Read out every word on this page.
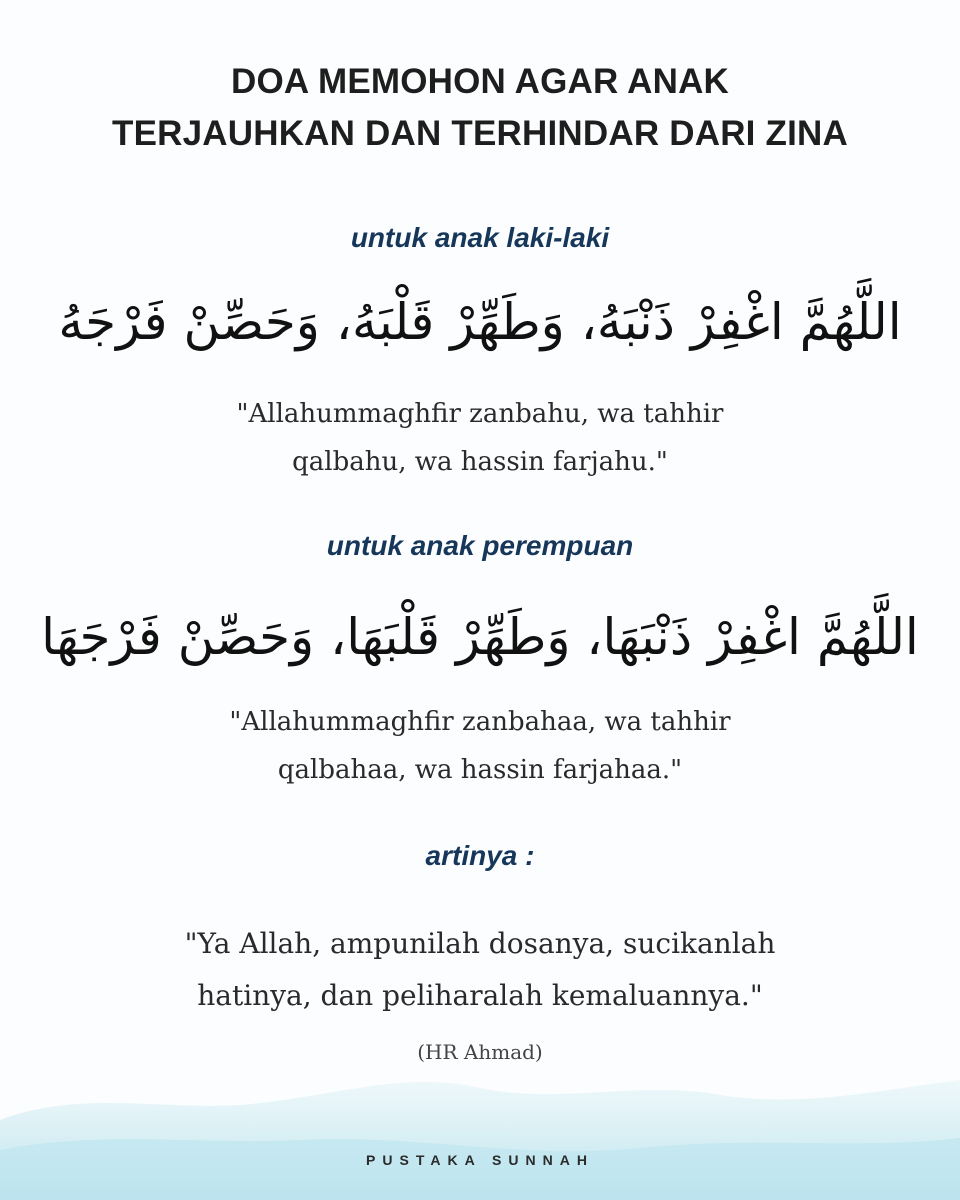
DOA MEMOHON AGAR ANAK
TERJAUHKAN DAN TERHINDAR DARI ZINA
untuk anak laki-laki
اللَّهُمَّ اغْفِرْ ذَنْبَهُ، وَطَهِّرْ قَلْبَهُ، وَحَصِّنْ فَرْجَهُ
"Allahummaghfir zanbahu, wa tahhir
qalbahu, wa hassin farjahu."
untuk anak perempuan
اللَّهُمَّ اغْفِرْ ذَنْبَهَا، وَطَهِّرْ قَلْبَهَا، وَحَصِّنْ فَرْجَهَا
"Allahummaghfir zanbahaa, wa tahhir
qalbahaa, wa hassin farjahaa."
artinya :
"Ya Allah, ampunilah dosanya, sucikanlah
hatinya, dan peliharalah kemaluannya."
(HR Ahmad)
PUSTAKA SUNNAH
